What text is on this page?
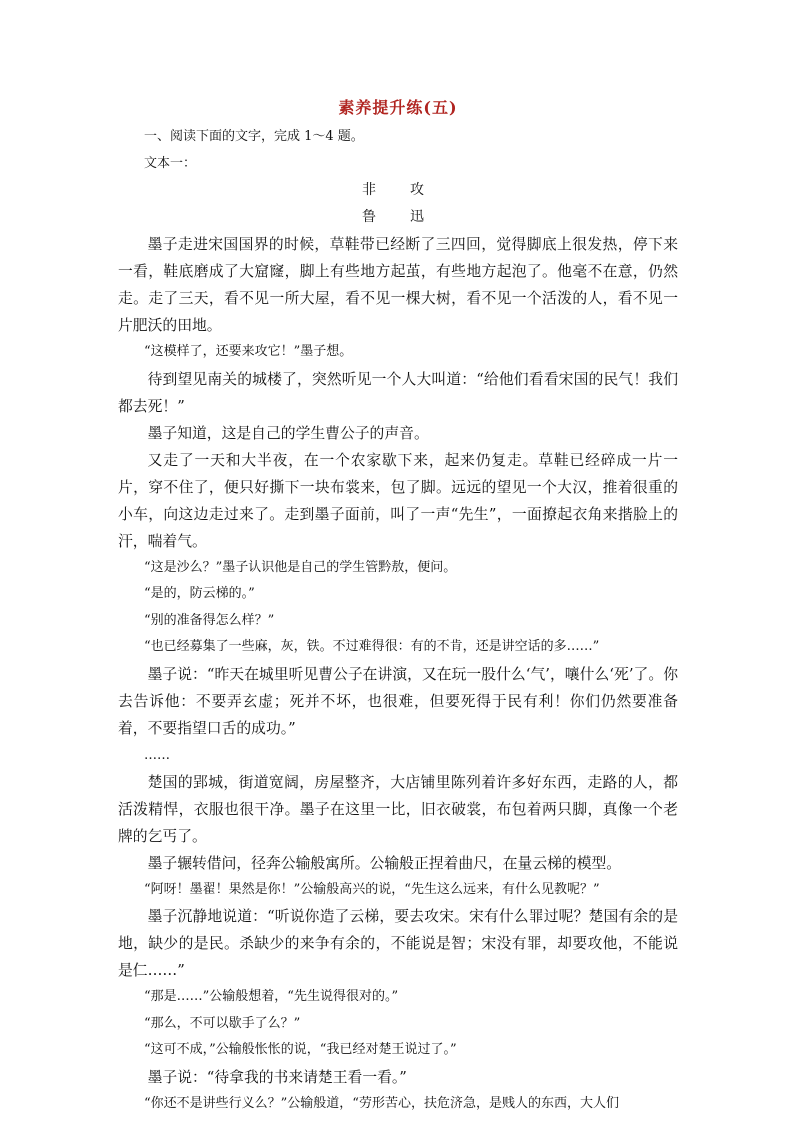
素养提升练(五)

一、阅读下面的文字，完成 1～4 题。

文本一：

非　攻

鲁　迅

墨子走进宋国国界的时候，草鞋带已经断了三四回，觉得脚底上很发热，停下来一看，鞋底磨成了大窟窿，脚上有些地方起茧，有些地方起泡了。他毫不在意，仍然走。走了三天，看不见一所大屋，看不见一棵大树，看不见一个活泼的人，看不见一片肥沃的田地。

“这模样了，还要来攻它！”墨子想。

待到望见南关的城楼了，突然听见一个人大叫道：“给他们看看宋国的民气！我们都去死！”

墨子知道，这是自己的学生曹公子的声音。

又走了一天和大半夜，在一个农家歇下来，起来仍复走。草鞋已经碎成一片一片，穿不住了，便只好撕下一块布裳来，包了脚。远远的望见一个大汉，推着很重的小车，向这边走过来了。走到墨子面前，叫了一声“先生”，一面撩起衣角来揩脸上的汗，喘着气。

“这是沙么？”墨子认识他是自己的学生管黔敖，便问。

“是的，防云梯的。”

“别的准备得怎么样？”

“也已经募集了一些麻，灰，铁。不过难得很：有的不肯，还是讲空话的多……”

墨子说：“昨天在城里听见曹公子在讲演，又在玩一股什么‘气’，嚷什么‘死’了。你去告诉他：不要弄玄虚；死并不坏，也很难，但要死得于民有利！你们仍然要准备着，不要指望口舌的成功。”

……

楚国的郢城，街道宽阔，房屋整齐，大店铺里陈列着许多好东西，走路的人，都活泼精悍，衣服也很干净。墨子在这里一比，旧衣破裳，布包着两只脚，真像一个老牌的乞丐了。

墨子辗转借问，径奔公输般寓所。公输般正捏着曲尺，在量云梯的模型。

“阿呀！墨翟！果然是你！”公输般高兴的说，“先生这么远来，有什么见教呢？”

墨子沉静地说道：“听说你造了云梯，要去攻宋。宋有什么罪过呢？楚国有余的是地，缺少的是民。杀缺少的来争有余的，不能说是智；宋没有罪，却要攻他，不能说是仁……”

“那是……”公输般想着，“先生说得很对的。”

“那么，不可以歇手了么？”

“这可不成，”公输般怅怅的说，“我已经对楚王说过了。”

墨子说：“待拿我的书来请楚王看一看。”

“你还不是讲些行义么？”公输般道，“劳形苦心，扶危济急，是贱人的东西，大人们
